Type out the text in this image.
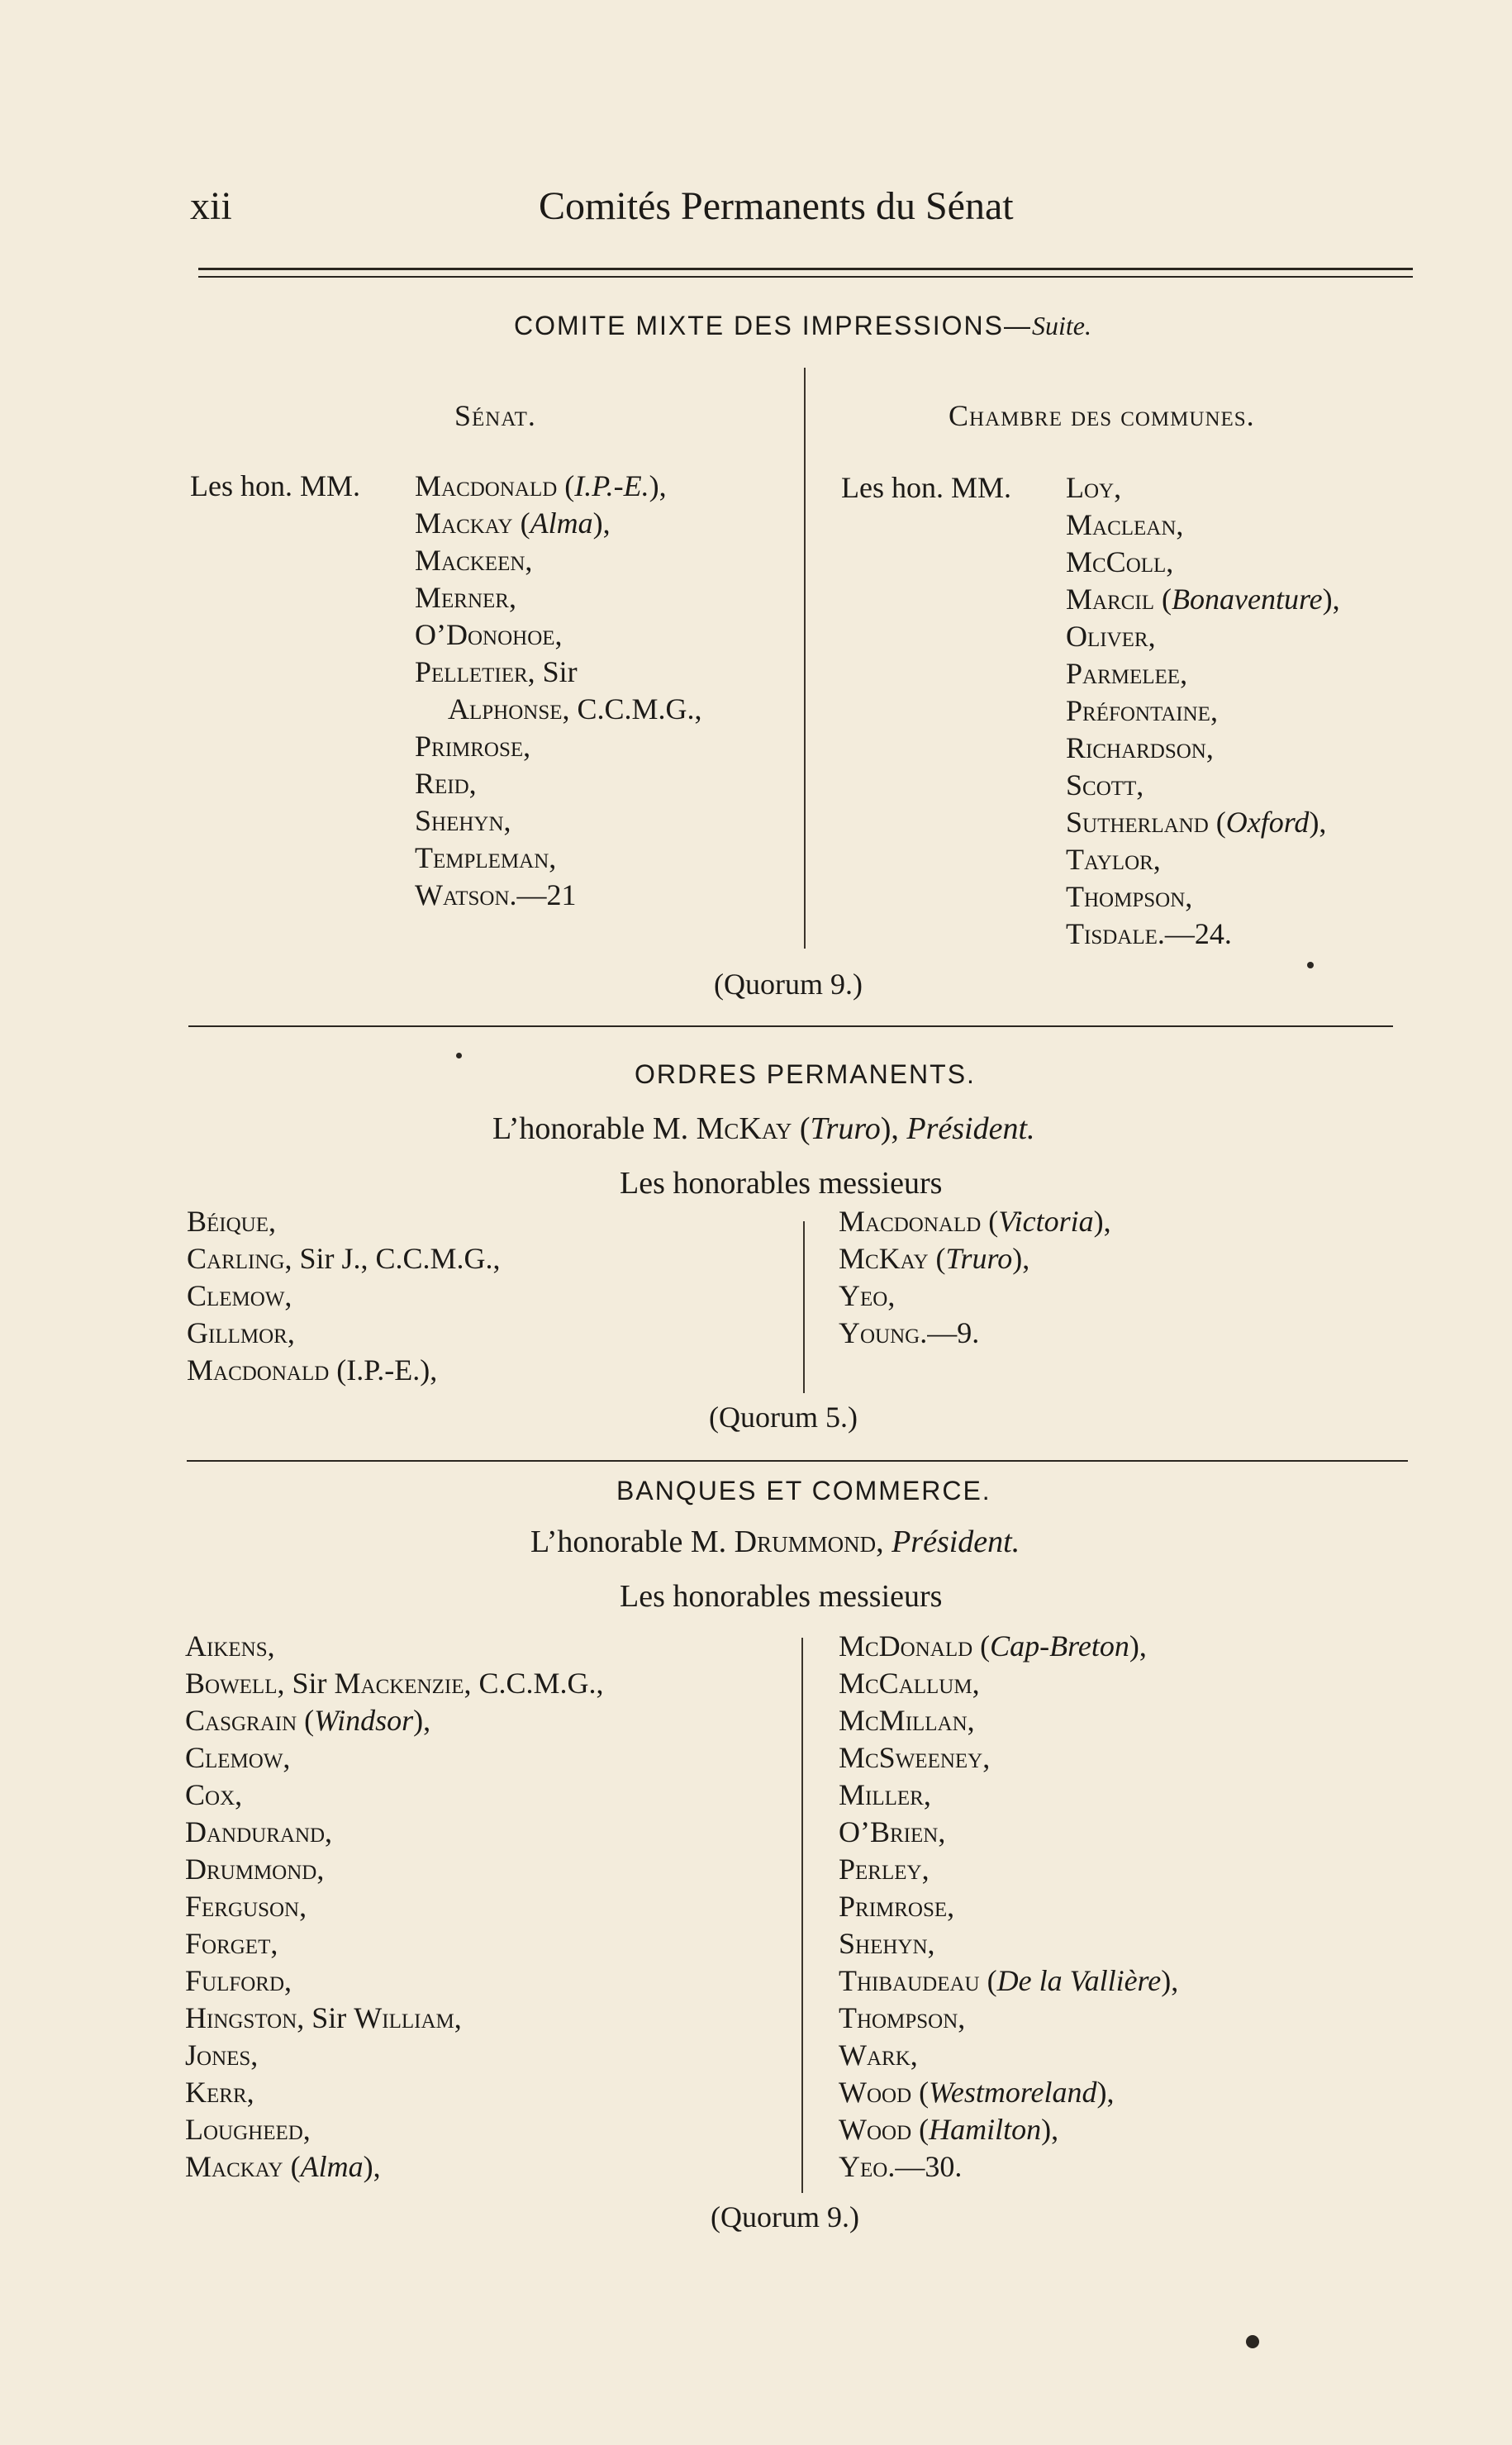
xii	Comités Permanents du Sénat
COMITE MIXTE DES IMPRESSIONS—Suite.
Sénat.	Chambre des communes.
Les hon. MM. Macdonald (I.P.-E.),
Mackay (Alma),
Mackeen,
Merner,
O’Donohoe,
Pelletier, Sir
Alphonse, C.C.M.G.,
Primrose,
Reid,
Shehyn,
Templeman,
Watson.—21
Les hon. MM. Loy,
Maclean,
McColl,
Marcil (Bonaventure),
Oliver,
Parmelee,
Préfontaine,
Richardson,
Scott,
Sutherland (Oxford),
Taylor,
Thompson,
Tisdale.—24.
(Quorum 9.)
ORDRES PERMANENTS.
L’honorable M. McKay (Truro), Président.
Les honorables messieurs
Béique,
Carling, Sir J., C.C.M.G.,
Clemow,
Gillmor,
Macdonald (I.P.-E.),
Macdonald (Victoria),
McKay (Truro),
Yeo,
Young.—9.
(Quorum 5.)
BANQUES ET COMMERCE.
L’honorable M. Drummond, Président.
Les honorables messieurs
Aikens,
Bowell, Sir Mackenzie, C.C.M.G.,
Casgrain (Windsor),
Clemow,
Cox,
Dandurand,
Drummond,
Ferguson,
Forget,
Fulford,
Hingston, Sir William,
Jones,
Kerr,
Lougheed,
Mackay (Alma),
McDonald (Cap-Breton),
McCallum,
McMillan,
McSweeney,
Miller,
O’Brien,
Perley,
Primrose,
Shehyn,
Thibaudeau (De la Vallière),
Thompson,
Wark,
Wood (Westmoreland),
Wood (Hamilton),
Yeo.—30.
(Quorum 9.)
